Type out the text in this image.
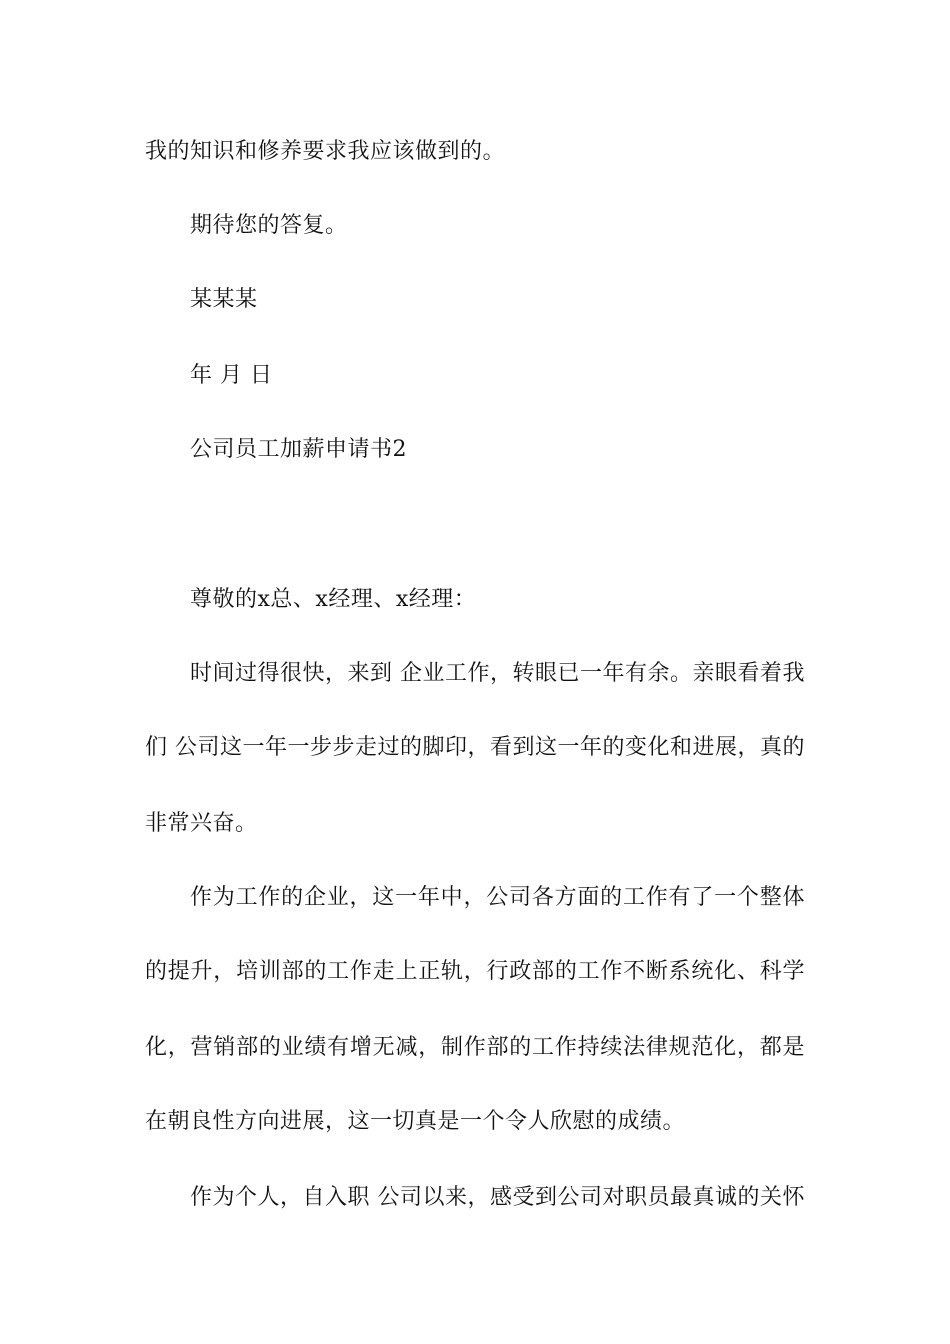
我的知识和修养要求我应该做到的。
期待您的答复。
某某某
年 月 日
公司员工加薪申请书2
尊敬的x总、x经理、x经理：
时间过得很快，来到 企业工作，转眼已一年有余。亲眼看着我
们 公司这一年一步步走过的脚印，看到这一年的变化和进展，真的
非常兴奋。
作为工作的企业，这一年中，公司各方面的工作有了一个整体
的提升，培训部的工作走上正轨，行政部的工作不断系统化、科学
化，营销部的业绩有增无减，制作部的工作持续法律规范化，都是
在朝良性方向进展，这一切真是一个令人欣慰的成绩。
作为个人，自入职 公司以来，感受到公司对职员最真诚的关怀
